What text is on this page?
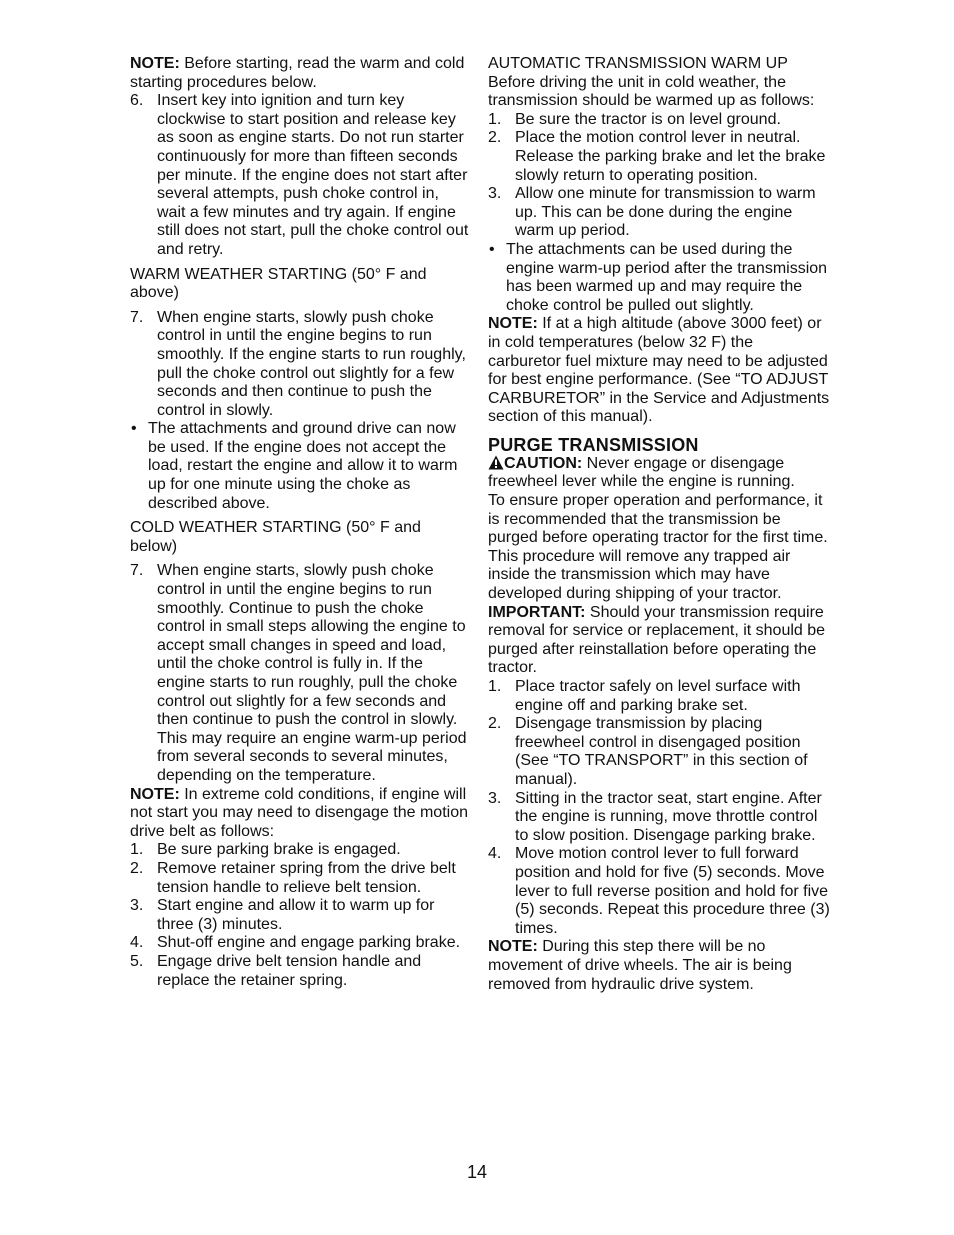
NOTE: Before starting, read the warm and cold starting procedures below.

6. Insert key into ignition and turn key clockwise to start position and release key as soon as engine starts. Do not run starter continuously for more than fifteen seconds per minute. If the engine does not start after several attempts, push choke control in, wait a few minutes and try again. If engine still does not start, pull the choke control out and retry.

WARM WEATHER STARTING (50° F and above)

7. When engine starts, slowly push choke control in until the engine begins to run smoothly. If the engine starts to run roughly, pull the choke control out slightly for a few seconds and then continue to push the control in slowly.
• The attachments and ground drive can now be used. If the engine does not accept the load, restart the engine and allow it to warm up for one minute using the choke as described above.

COLD WEATHER STARTING (50° F and below)

7. When engine starts, slowly push choke control in until the engine begins to run smoothly. Continue to push the choke control in small steps allowing the engine to accept small changes in speed and load, until the choke control is fully in. If the engine starts to run roughly, pull the choke control out slightly for a few seconds and then continue to push the control in slowly. This may require an engine warm-up period from several seconds to several minutes, depending on the temperature.

NOTE: In extreme cold conditions, if engine will not start you may need to disengage the motion drive belt as follows:

1. Be sure parking brake is engaged.
2. Remove retainer spring from the drive belt tension handle to relieve belt tension.
3. Start engine and allow it to warm up for three (3) minutes.
4. Shut-off engine and engage parking brake.
5. Engage drive belt tension handle and replace the retainer spring.

AUTOMATIC TRANSMISSION WARM UP

Before driving the unit in cold weather, the transmission should be warmed up as follows:

1. Be sure the tractor is on level ground.
2. Place the motion control lever in neutral. Release the parking brake and let the brake slowly return to operating position.
3. Allow one minute for transmission to warm up. This can be done during the engine warm up period.
• The attachments can be used during the engine warm-up period after the transmission has been warmed up and may require the choke control be pulled out slightly.

NOTE: If at a high altitude (above 3000 feet) or in cold temperatures (below 32 F) the carburetor fuel mixture may need to be adjusted for best engine performance. (See “TO ADJUST CARBURETOR” in the Service and Adjustments section of this manual).

PURGE TRANSMISSION

CAUTION: Never engage or disengage freewheel lever while the engine is running.

To ensure proper operation and performance, it is recommended that the transmission be purged before operating tractor for the first time. This procedure will remove any trapped air inside the transmission which may have developed during shipping of your tractor.

IMPORTANT: Should your transmission require removal for service or replacement, it should be purged after reinstallation before operating the tractor.

1. Place tractor safely on level surface with engine off and parking brake set.
2. Disengage transmission by placing freewheel control in disengaged position (See “TO TRANSPORT” in this section of manual).
3. Sitting in the tractor seat, start engine. After the engine is running, move throttle control to slow position. Disengage parking brake.
4. Move motion control lever to full forward position and hold for five (5) seconds. Move lever to full reverse position and hold for five (5) seconds. Repeat this procedure three (3) times.

NOTE: During this step there will be no movement of drive wheels. The air is being removed from hydraulic drive system.

14
